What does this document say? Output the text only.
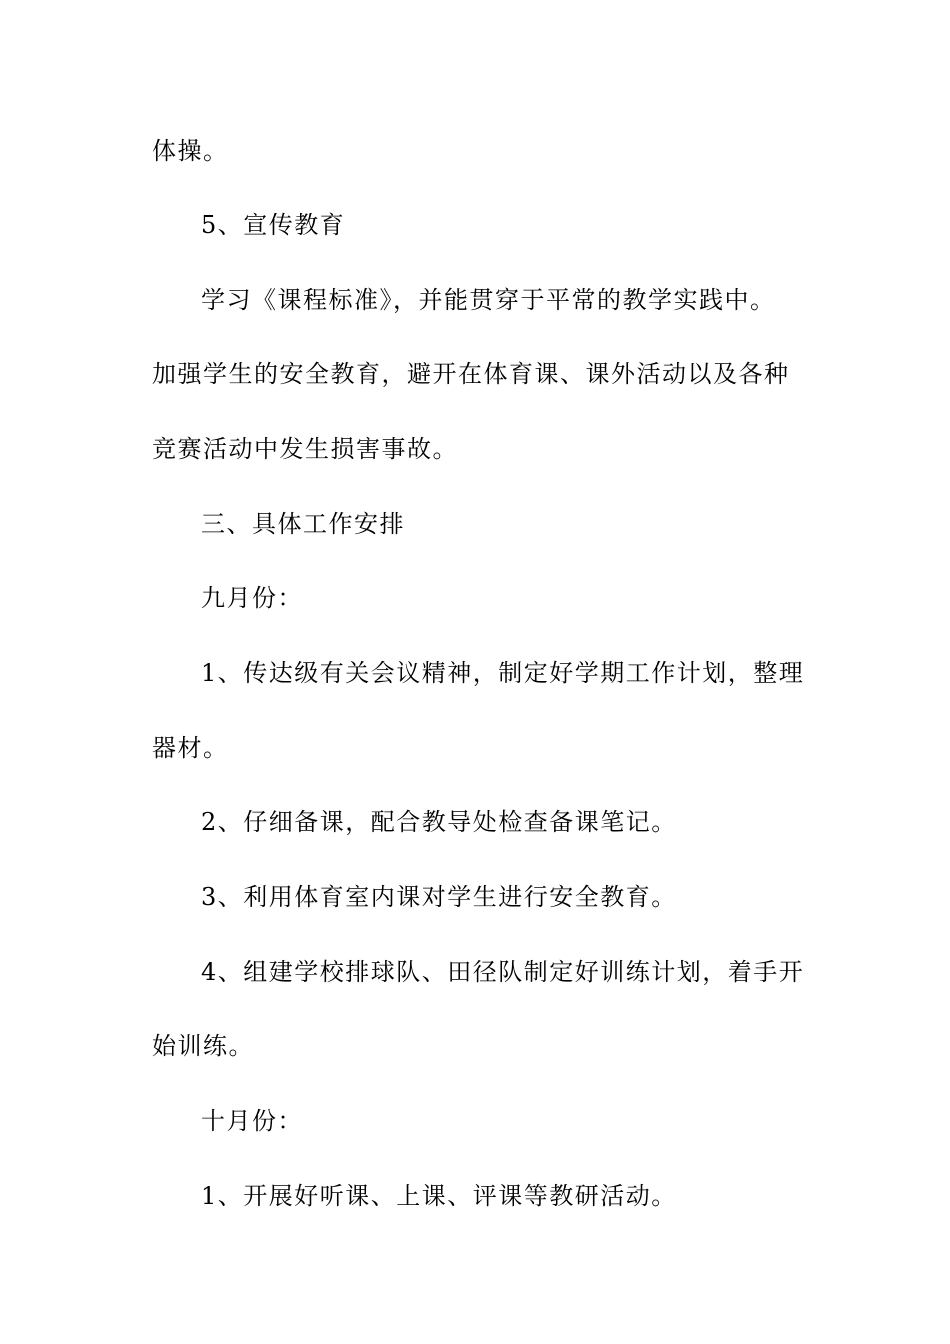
体操。
5、宣传教育
学习《课程标准》，并能贯穿于平常的教学实践中。
加强学生的安全教育，避开在体育课、课外活动以及各种
竞赛活动中发生损害事故。
三、具体工作安排
九月份：
1、传达级有关会议精神，制定好学期工作计划，整理
器材。
2、仔细备课，配合教导处检查备课笔记。
3、利用体育室内课对学生进行安全教育。
4、组建学校排球队、田径队制定好训练计划，着手开
始训练。
十月份：
1、开展好听课、上课、评课等教研活动。
